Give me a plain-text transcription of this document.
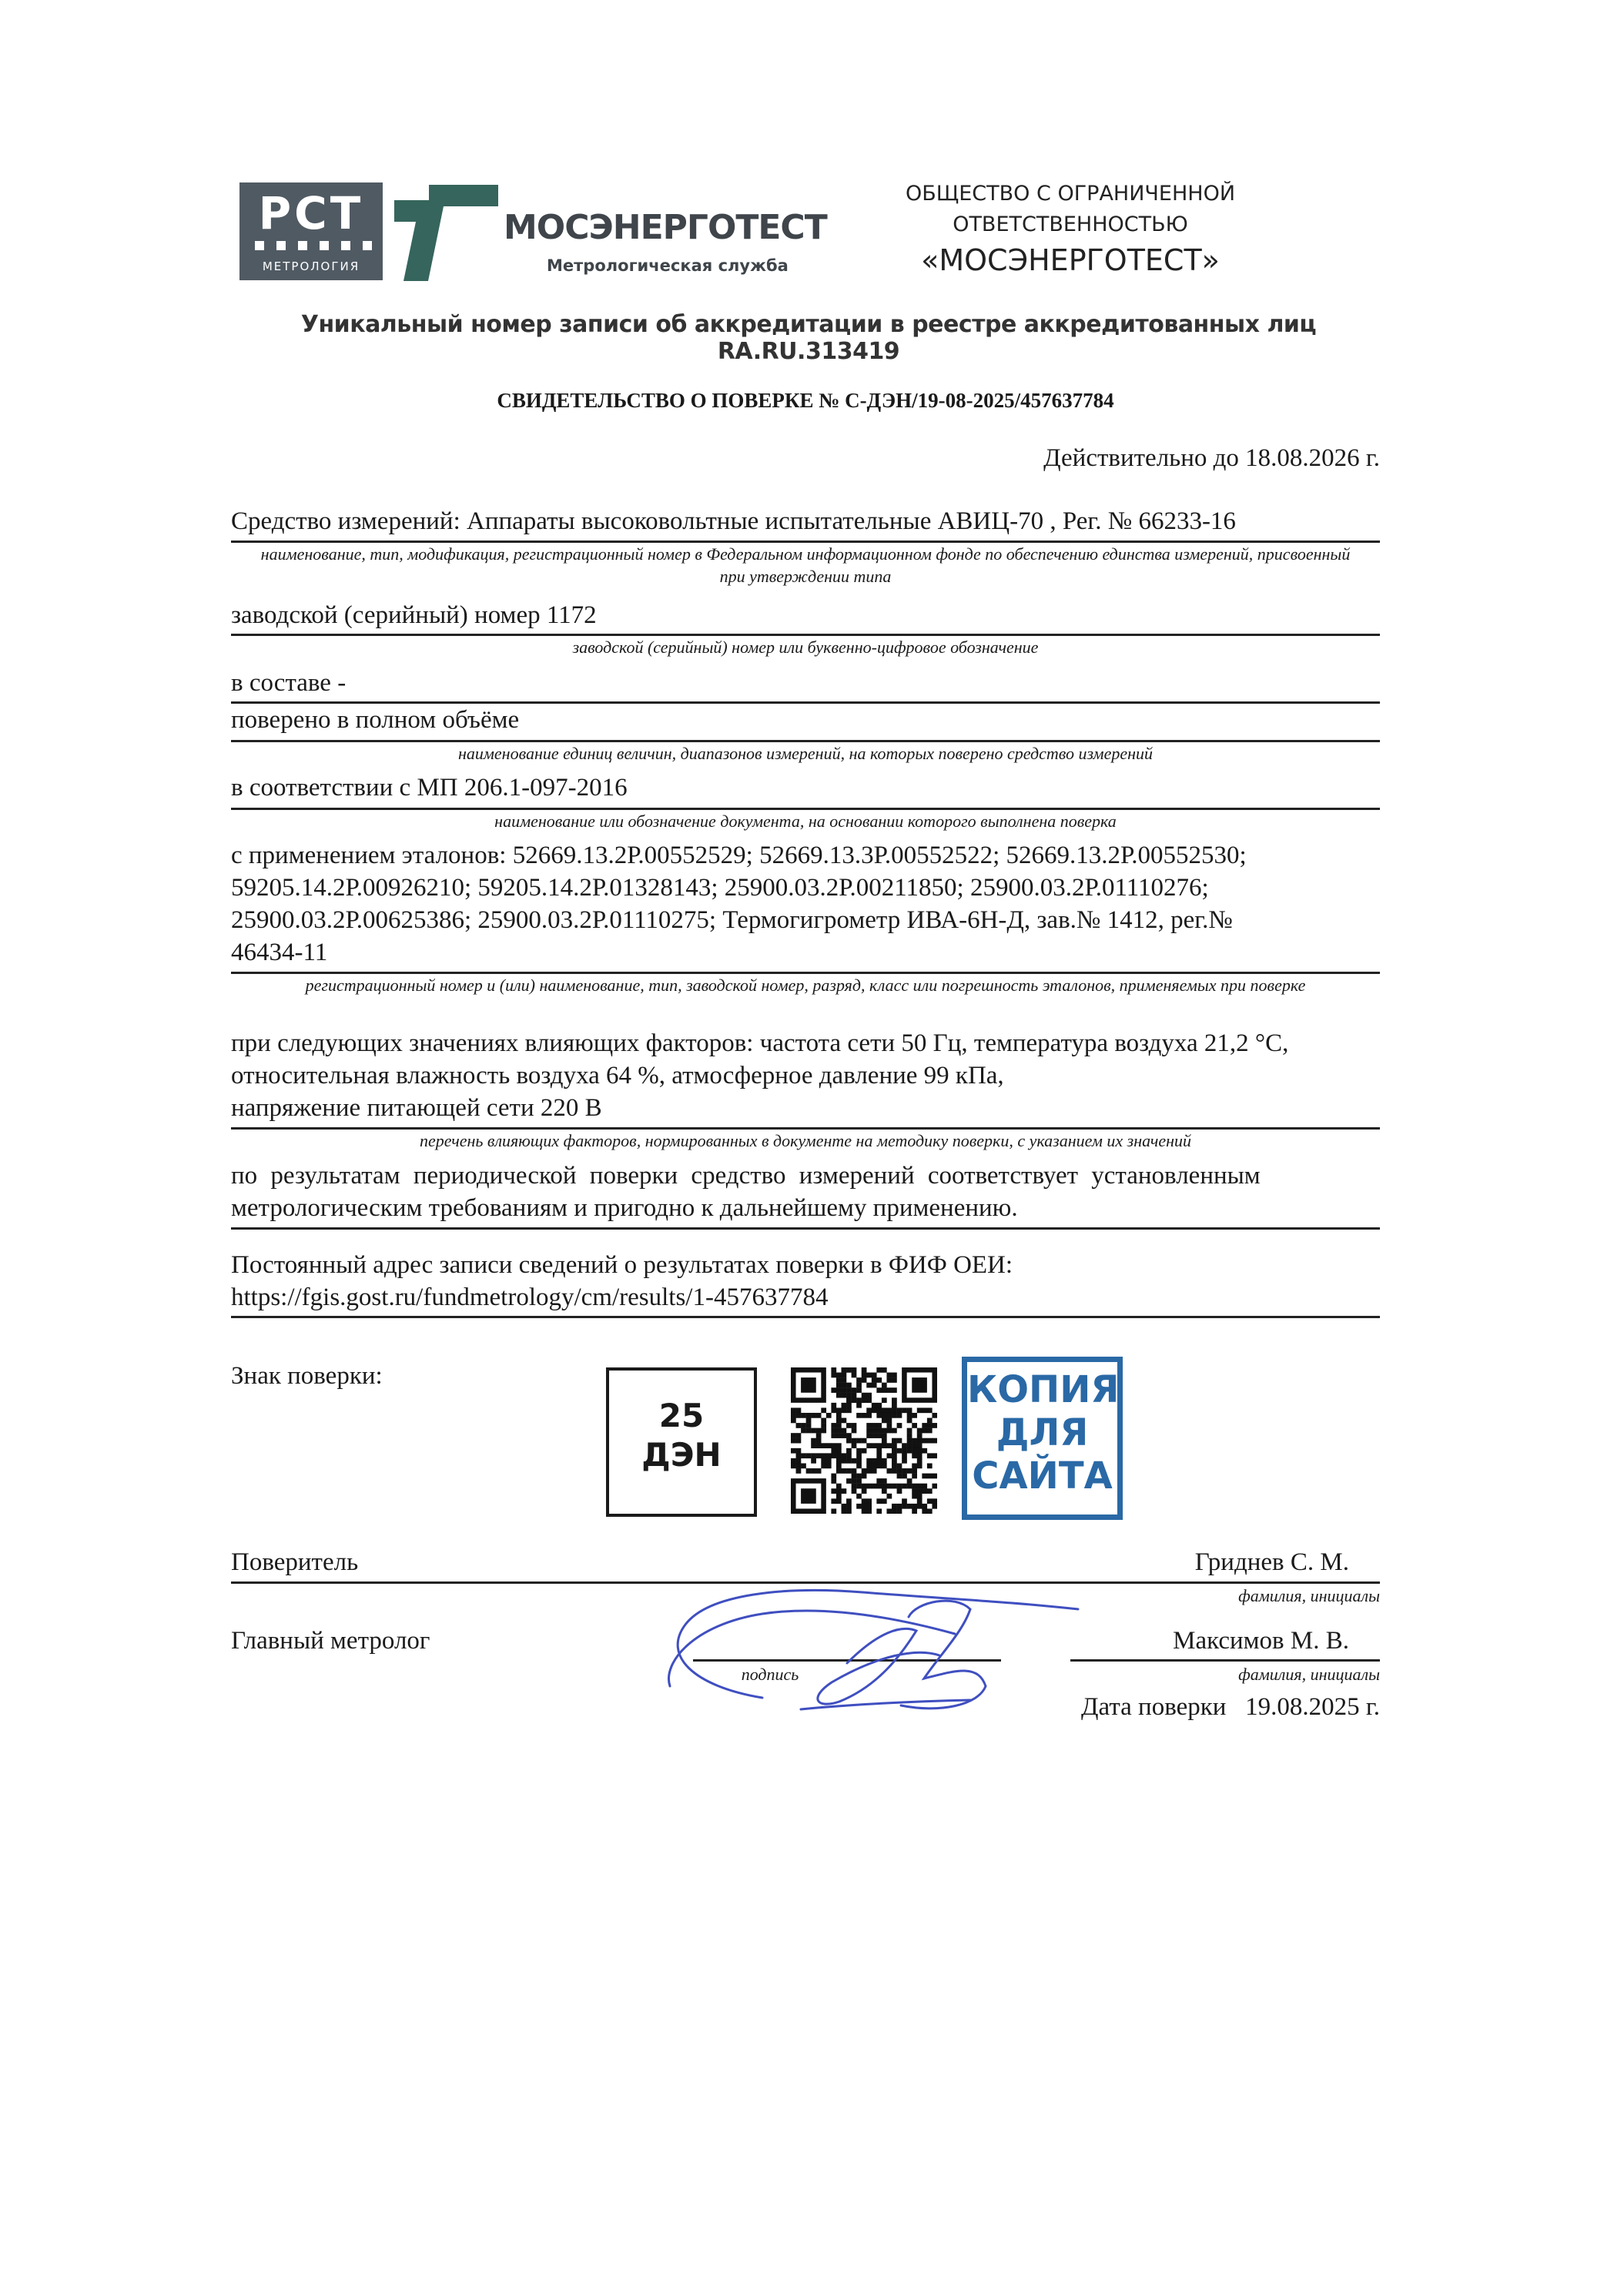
РСТ
МЕТРОЛОГИЯ
МОСЭНЕРГОТЕСТ
Метрологическая служба
ОБЩЕСТВО С ОГРАНИЧЕННОЙ
ОТВЕТСТВЕННОСТЬЮ
«МОСЭНЕРГОТЕСТ»
Уникальный номер записи об аккредитации в реестре аккредитованных лиц RA.RU.313419
СВИДЕТЕЛЬСТВО О ПОВЕРКЕ № С-ДЭН/19-08-2025/457637784
Действительно до 18.08.2026 г.
Средство измерений: Аппараты высоковольтные испытательные АВИЦ-70 , Рег. № 66233-16
наименование, тип, модификация, регистрационный номер в Федеральном информационном фонде по обеспечению единства измерений, присвоенный при утверждении типа
заводской (серийный) номер 1172
заводской (серийный) номер или буквенно-цифровое обозначение
в составе -
поверено в полном объёме
наименование единиц величин, диапазонов измерений, на которых поверено средство измерений
в соответствии с МП 206.1-097-2016
наименование или обозначение документа, на основании которого выполнена поверка
с применением эталонов: 52669.13.2Р.00552529; 52669.13.3Р.00552522; 52669.13.2Р.00552530;
59205.14.2Р.00926210; 59205.14.2Р.01328143; 25900.03.2Р.00211850; 25900.03.2Р.01110276;
25900.03.2Р.00625386; 25900.03.2Р.01110275; Термогигрометр ИВА-6Н-Д, зав.№ 1412, рег.№
46434-11
регистрационный номер и (или) наименование, тип, заводской номер, разряд, класс или погрешность эталонов, применяемых при поверке
при следующих значениях влияющих факторов: частота сети 50 Гц, температура воздуха 21,2 °С,
относительная влажность воздуха 64 %, атмосферное давление 99 кПа,
напряжение питающей сети 220 В
перечень влияющих факторов, нормированных в документе на методику поверки, с указанием их значений
по результатам периодической поверки средство измерений соответствует установленным
метрологическим требованиям и пригодно к дальнейшему применению.
Постоянный адрес записи сведений о результатах поверки в ФИФ ОЕИ:
https://fgis.gost.ru/fundmetrology/cm/results/1-457637784
Знак поверки:
25
ДЭН
КОПИЯ
ДЛЯ
САЙТА
Поверитель	Гриднев С. М.
фамилия, инициалы
Главный метролог	Максимов М. В.
подпись	фамилия, инициалы
Дата поверки   19.08.2025 г.
